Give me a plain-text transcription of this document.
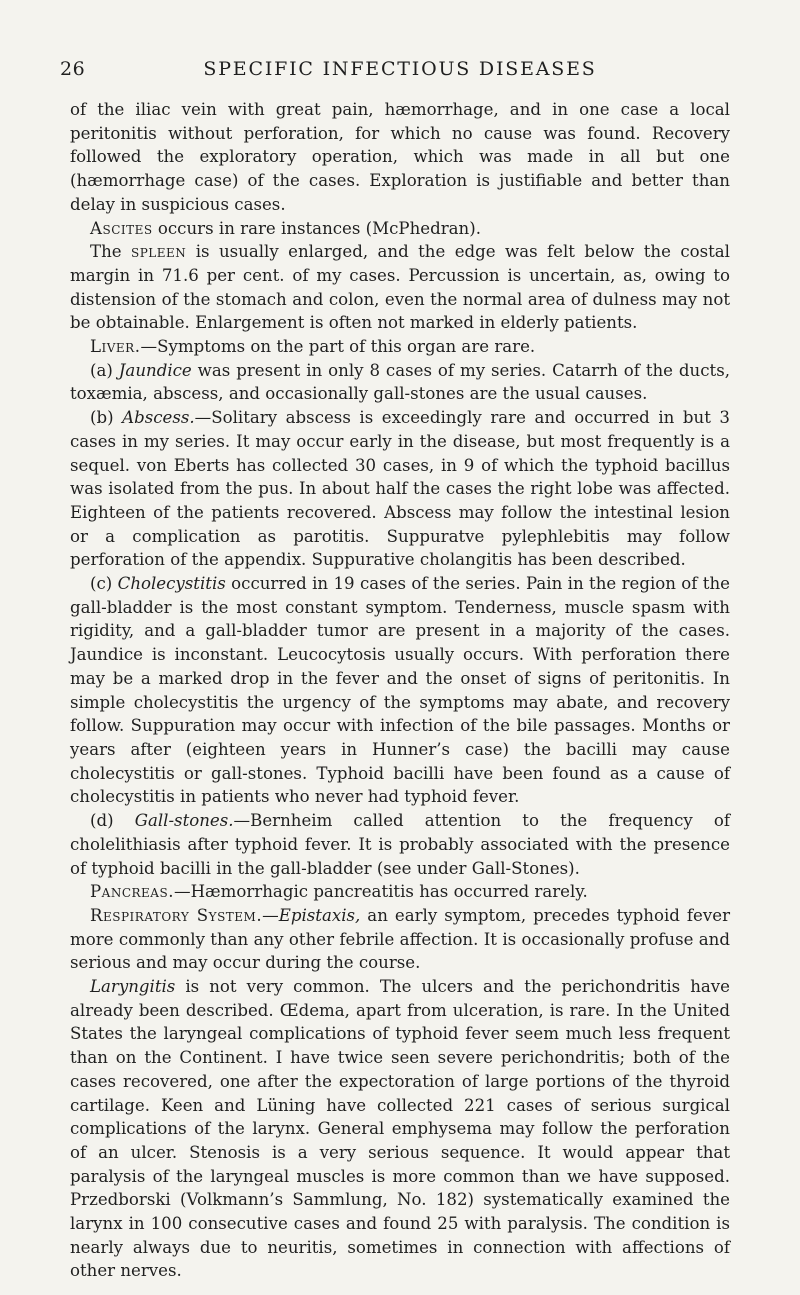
26	SPECIFIC INFECTIOUS DISEASES

of the iliac vein with great pain, hæmorrhage, and in one case a local peritonitis without perforation, for which no cause was found. Recovery followed the exploratory operation, which was made in all but one (hæmorrhage case) of the cases. Exploration is justifiable and better than delay in suspicious cases.

Ascites occurs in rare instances (McPhedran).

The spleen is usually enlarged, and the edge was felt below the costal margin in 71.6 per cent. of my cases. Percussion is uncertain, as, owing to distension of the stomach and colon, even the normal area of dulness may not be obtainable. Enlargement is often not marked in elderly patients.

Liver.—Symptoms on the part of this organ are rare.

(a) Jaundice was present in only 8 cases of my series. Catarrh of the ducts, toxæmia, abscess, and occasionally gall-stones are the usual causes.

(b) Abscess.—Solitary abscess is exceedingly rare and occurred in but 3 cases in my series. It may occur early in the disease, but most frequently is a sequel. von Eberts has collected 30 cases, in 9 of which the typhoid bacillus was isolated from the pus. In about half the cases the right lobe was affected. Eighteen of the patients recovered. Abscess may follow the intestinal lesion or a complication as parotitis. Suppuratve pylephlebitis may follow perforation of the appendix. Suppurative cholangitis has been described.

(c) Cholecystitis occurred in 19 cases of the series. Pain in the region of the gall-bladder is the most constant symptom. Tenderness, muscle spasm with rigidity, and a gall-bladder tumor are present in a majority of the cases. Jaundice is inconstant. Leucocytosis usually occurs. With perforation there may be a marked drop in the fever and the onset of signs of peritonitis. In simple cholecystitis the urgency of the symptoms may abate, and recovery follow. Suppuration may occur with infection of the bile passages. Months or years after (eighteen years in Hunner’s case) the bacilli may cause cholecystitis or gall-stones. Typhoid bacilli have been found as a cause of cholecystitis in patients who never had typhoid fever.

(d) Gall-stones.—Bernheim called attention to the frequency of cholelithiasis after typhoid fever. It is probably associated with the presence of typhoid bacilli in the gall-bladder (see under Gall-Stones).

Pancreas.—Hæmorrhagic pancreatitis has occurred rarely.

Respiratory System.—Epistaxis, an early symptom, precedes typhoid fever more commonly than any other febrile affection. It is occasionally profuse and serious and may occur during the course.

Laryngitis is not very common. The ulcers and the perichondritis have already been described. Œdema, apart from ulceration, is rare. In the United States the laryngeal complications of typhoid fever seem much less frequent than on the Continent. I have twice seen severe perichondritis; both of the cases recovered, one after the expectoration of large portions of the thyroid cartilage. Keen and Lüning have collected 221 cases of serious surgical complications of the larynx. General emphysema may follow the perforation of an ulcer. Stenosis is a very serious sequence. It would appear that paralysis of the laryngeal muscles is more common than we have supposed. Przedborski (Volkmann’s Sammlung, No. 182) systematically examined the larynx in 100 consecutive cases and found 25 with paralysis. The condition is nearly always due to neuritis, sometimes in connection with affections of other nerves.
